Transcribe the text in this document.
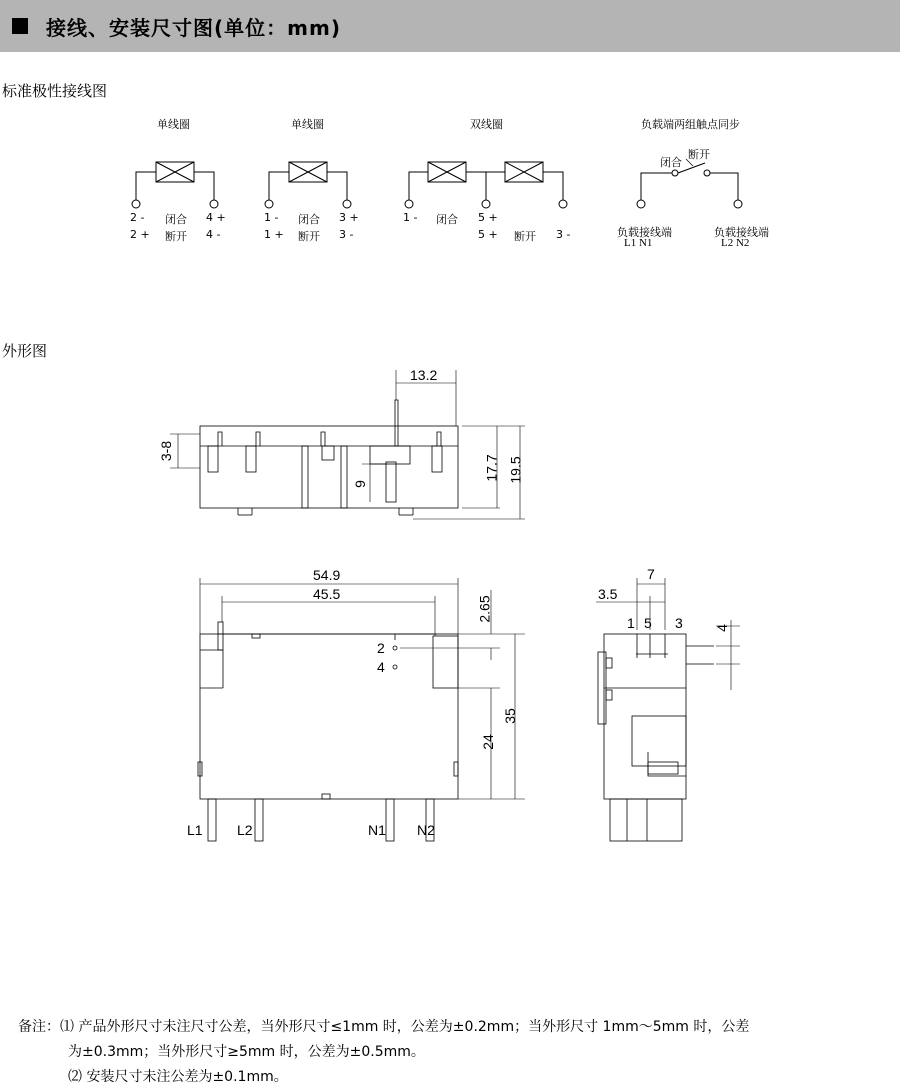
接线、安装尺寸图(单位：mm)
标准极性接线图
外形图
单线圈
2 -
2 +
4 +
4 -
闭合
断开
单线圈
1 -
1 +
3 +
3 -
闭合
断开
双线圈
1 -	5 +
5 +	3 -
闭合
断开
负载端两组触点同步
断开
闭合
负载接线端
L1 N1
负载接线端
L2 N2
13.2
17.7 19.5
3-8
9
54.9
45.5
2.65
35
24
2
4
L1 L2	N1 N2
7
3.5
1 5 3 4
备注：⑴ 产品外形尺寸未注尺寸公差，当外形尺寸≤1mm 时，公差为±0.2mm；当外形尺寸 1mm～5mm 时，公差
为±0.3mm；当外形尺寸≥5mm 时，公差为±0.5mm。
⑵ 安装尺寸未注公差为±0.1mm。
